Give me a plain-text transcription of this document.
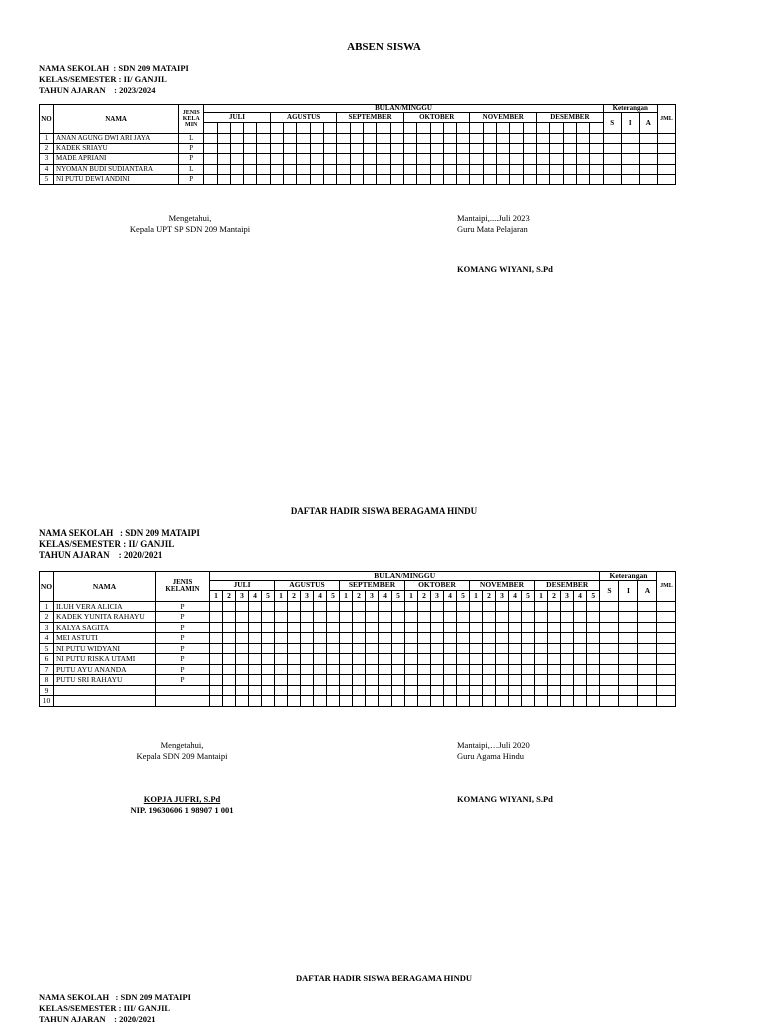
ABSEN SISWA
NAMA SEKOLAH : SDN 209 MATAIPI
KELAS/SEMESTER : II/ GANJIL
TAHUN AJARAN : 2023/2024
NO	NAMA	JENIS KELA MIN	BULAN/MINGGU																														Keterangan			JML
			JULI					AGUSTUS					SEPTEMBER					OKTOBER					NOVEMBER					DESEMBER					S	I	A	

1	ANAN AGUNG DWI ARI JAYA	L																																		
2	KADEK SRIAYU	P																																		
3	MADE APRIANI	P																																		
4	NYOMAN BUDI SUDIANTARA	L																																		
5	NI PUTU DEWI ANDINI	P																																		
Mengetahui,
Kepala UPT SP SDN 209 Mantaipi
Mantaipi,....Juli 2023
Guru Mata Pelajaran
KOMANG WIYANI, S.Pd
DAFTAR HADIR SISWA BERAGAMA HINDU
NAMA SEKOLAH : SDN 209 MATAIPI
KELAS/SEMESTER : II/ GANJIL
TAHUN AJARAN : 2020/2021
NO	NAMA	JENIS KELAMIN	BULAN/MINGGU																														Keterangan			JML
			JULI					AGUSTUS					SEPTEMBER					OKTOBER					NOVEMBER					DESEMBER					S	I	A	
			1	2	3	4	5	1	2	3	4	5	1	2	3	4	5	1	2	3	4	5	1	2	3	4	5	1	2	3	4	5				
1	ILUH VERA ALICIA	P																																		
2	KADEK YUNITA RAHAYU	P																																		
3	KALYA SAGITA	P																																		
4	MEI ASTUTI	P																																		
5	NI PUTU WIDYANI	P																																		
6	NI PUTU RISKA UTAMI	P																																		
7	PUTU AYU ANANDA	P																																		
8	PUTU SRI RAHAYU	P																																		
9																																				
10																																				
Mengetahui,
Kepala SDN 209 Mantaipi
KOPJA JUFRI, S.Pd
NIP. 19630606 1 98907 1 001
Mantaipi,…Juli 2020
Guru Agama Hindu
KOMANG WIYANI, S.Pd
DAFTAR HADIR SISWA BERAGAMA HINDU
NAMA SEKOLAH : SDN 209 MATAIPI
KELAS/SEMESTER : III/ GANJIL
TAHUN AJARAN : 2020/2021
